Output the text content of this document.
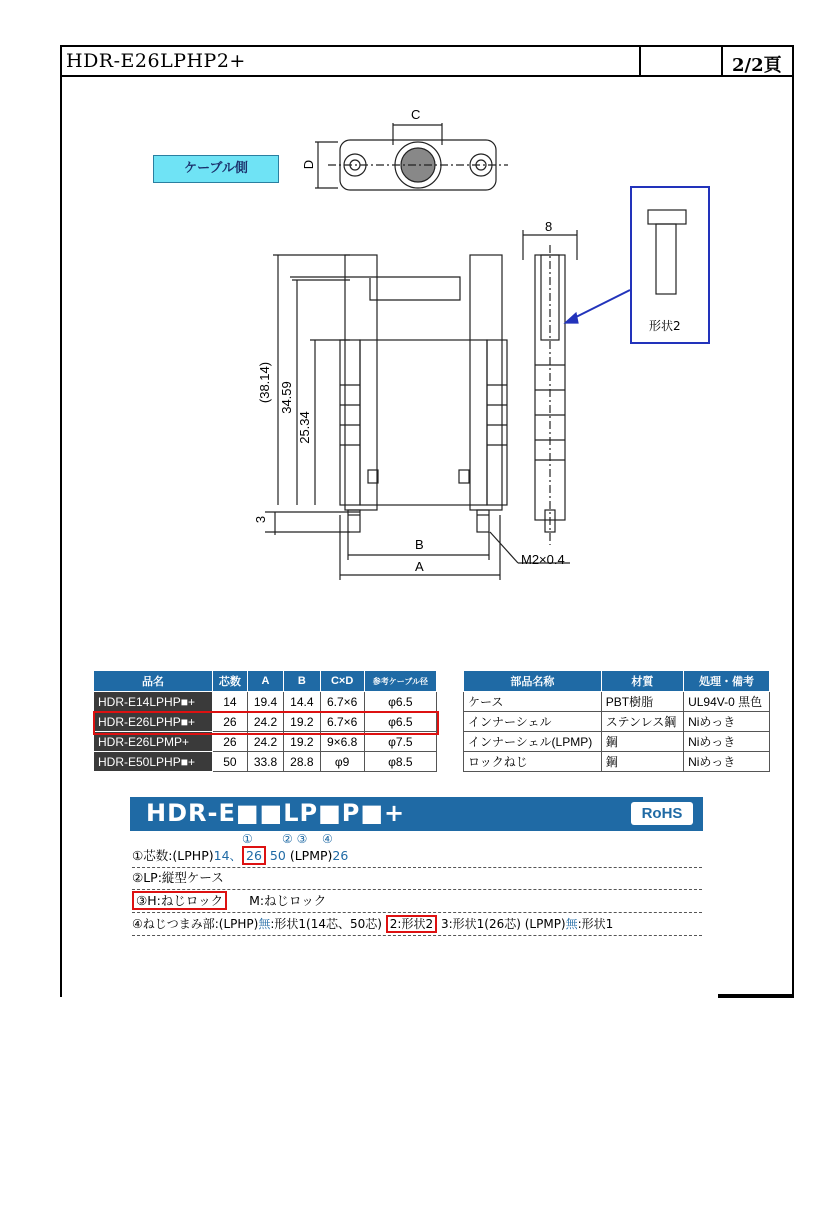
HDR-E26LPHP2+	2/2頁
ケーブル側
C
D
8
(38.14) 34.59
25.34
3
B
A	M2×0.4
形状2
品名	芯数	A	B	C×D	参考ケーブル径
HDR-E14LPHP■+	14	19.4	14.4	6.7×6	φ6.5
HDR-E26LPHP■+	26	24.2	19.2	6.7×6	φ6.5
HDR-E26LPMP+	26	24.2	19.2	9×6.8	φ7.5
HDR-E50LPHP■+	50	33.8	28.8	φ9	φ8.5
部品名称	材質	処理・備考
ケース	PBT樹脂	UL94V-0 黒色
インナーシェル	ステンレス鋼	Niめっき
インナーシェル(LPMP)	鋼	Niめっき
ロックねじ	鋼	Niめっき
HDR-E■■LP■P■+	RoHS
① ② ③ ④
①芯数:(LPHP)14、 26 50 (LPMP)26
②LP:縦型ケース
③H:ねじロック M:ねじロック
④ねじつまみ部:(LPHP)無:形状1(14芯、50芯) 2:形状2 3:形状1(26芯) (LPMP)無:形状1
